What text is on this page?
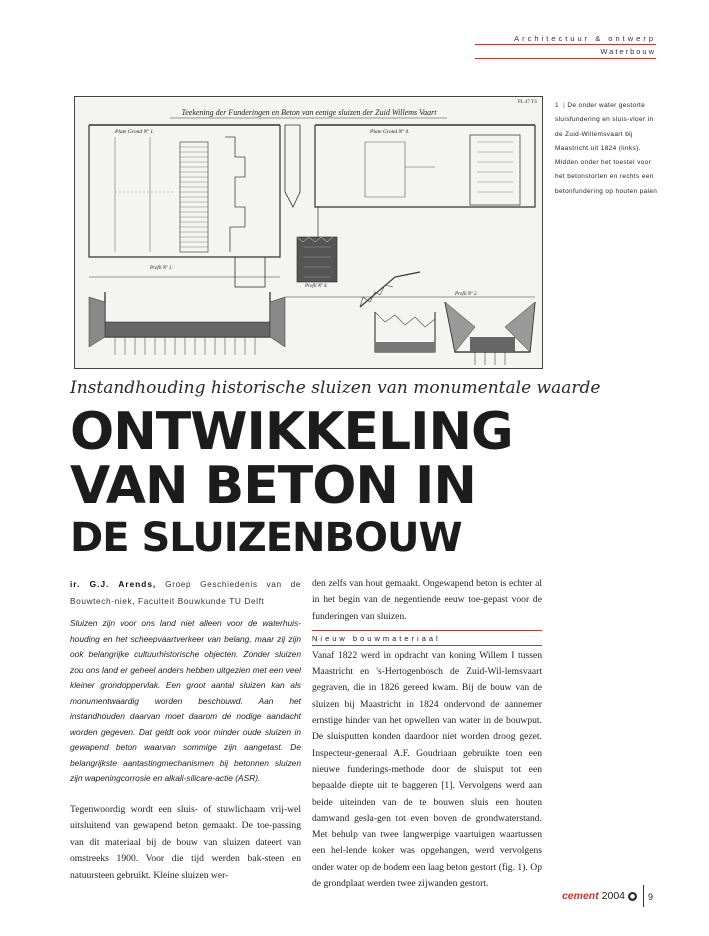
Architectuur & ontwerp
Waterbouw
Teekening der Funderingen en Beton van eenige sluizen der Zuid Willems Vaart
PL.47 TS
Plate Grond Nº 1.	Plate Grond Nº 4.
Profil Nº 1.
Profil Nº 4.
Profil Nº 2.
1 | De onder water gestorte sluisfundering en sluis-vloer in de Zuid-Willemsvaart bij Maastricht uit 1824 (links). Midden onder het toestel voor het betonstorten en rechts een betonfundering op houten palen
Instandhouding historische sluizen van monumentale waarde
ONTWIKKELING
VAN BETON IN
DE SLUIZENBOUW
ir. G.J. Arends, Groep Geschiedenis van de Bouwtech-niek, Faculteit Bouwkunde TU Delft

Sluizen zijn voor ons land niet alleen voor de waterhuis-houding en het scheepvaartverkeer van belang, maar zij zijn ook belangrijke cultuurhistorische objecten. Zonder sluizen zou ons land er geheel anders hebben uitgezien met een veel kleiner grondoppervlak. Een groot aantal sluizen kan als monumentwaardig worden beschouwd. Aan het instandhouden daarvan moet daarom de nodige aandacht worden gegeven. Dat geldt ook voor minder oude sluizen in gewapend beton waarvan sommige zijn aangetast. De belangrijkste aantastingmechanismen bij betonnen sluizen zijn wapeningcorrosie en alkali-silicare-actie (ASR).

Tegenwoordig wordt een sluis- of stuwlichaam vrij-wel uitsluitend van gewapend beton gemaakt. De toe-passing van dit materiaal bij de bouw van sluizen dateert van omstreeks 1900. Voor die tijd werden bak-steen en natuursteen gebruikt. Kleine sluizen wer-

den zelfs van hout gemaakt. Ongewapend beton is echter al in het begin van de negentiende eeuw toe-gepast voor de funderingen van sluizen.

Nieuw bouwmateriaal

Vanaf 1822 werd in opdracht van koning Willem I tussen Maastricht en 's-Hertogenbosch de Zuid-Wil-lemsvaart gegraven, die in 1826 gereed kwam. Bij de bouw van de sluizen bij Maastricht in 1824 ondervond de aannemer ernstige hinder van het opwellen van water in de bouwput. De sluisputten konden daardoor niet worden droog gezet. Inspecteur-generaal A.F. Goudriaan gebruikte toen een nieuwe funderings-methode door de sluisput tot een bepaalde diepte uit te baggeren [1]. Vervolgens werd aan beide uiteinden van de te bouwen sluis een houten damwand gesla-gen tot even boven de grondwaterstand. Met behulp van twee langwerpige vaartuigen waartussen een hel-lende koker was opgehangen, werd vervolgens onder water op de bodem een laag beton gestort (fig. 1). Op de grondplaat werden twee zijwanden gestort.

cement 2004 ● 9
